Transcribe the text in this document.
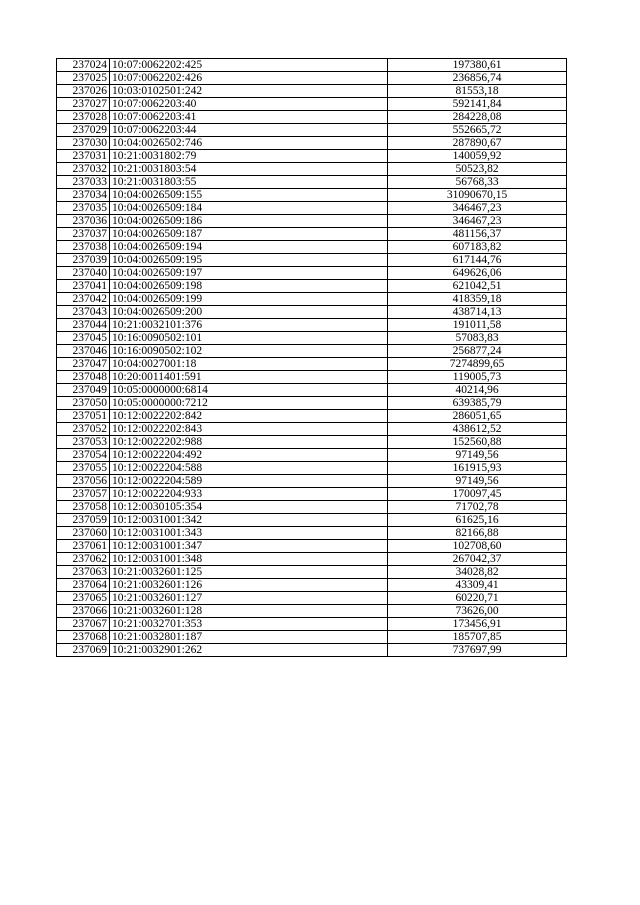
237024	10:07:0062202:425	197380,61
237025	10:07:0062202:426	236856,74
237026	10:03:0102501:242	81553,18
237027	10:07:0062203:40	592141,84
237028	10:07:0062203:41	284228,08
237029	10:07:0062203:44	552665,72
237030	10:04:0026502:746	287890,67
237031	10:21:0031802:79	140059,92
237032	10:21:0031803:54	50523,82
237033	10:21:0031803:55	56768,33
237034	10:04:0026509:155	31090670,15
237035	10:04:0026509:184	346467,23
237036	10:04:0026509:186	346467,23
237037	10:04:0026509:187	481156,37
237038	10:04:0026509:194	607183,82
237039	10:04:0026509:195	617144,76
237040	10:04:0026509:197	649626,06
237041	10:04:0026509:198	621042,51
237042	10:04:0026509:199	418359,18
237043	10:04:0026509:200	438714,13
237044	10:21:0032101:376	191011,58
237045	10:16:0090502:101	57083,83
237046	10:16:0090502:102	256877,24
237047	10:04:0027001:18	7274899,65
237048	10:20:0011401:591	119005,73
237049	10:05:0000000:6814	40214,96
237050	10:05:0000000:7212	639385,79
237051	10:12:0022202:842	286051,65
237052	10:12:0022202:843	438612,52
237053	10:12:0022202:988	152560,88
237054	10:12:0022204:492	97149,56
237055	10:12:0022204:588	161915,93
237056	10:12:0022204:589	97149,56
237057	10:12:0022204:933	170097,45
237058	10:12:0030105:354	71702,78
237059	10:12:0031001:342	61625,16
237060	10:12:0031001:343	82166,88
237061	10:12:0031001:347	102708,60
237062	10:12:0031001:348	267042,37
237063	10:21:0032601:125	34028,82
237064	10:21:0032601:126	43309,41
237065	10:21:0032601:127	60220,71
237066	10:21:0032601:128	73626,00
237067	10:21:0032701:353	173456,91
237068	10:21:0032801:187	185707,85
237069	10:21:0032901:262	737697,99
